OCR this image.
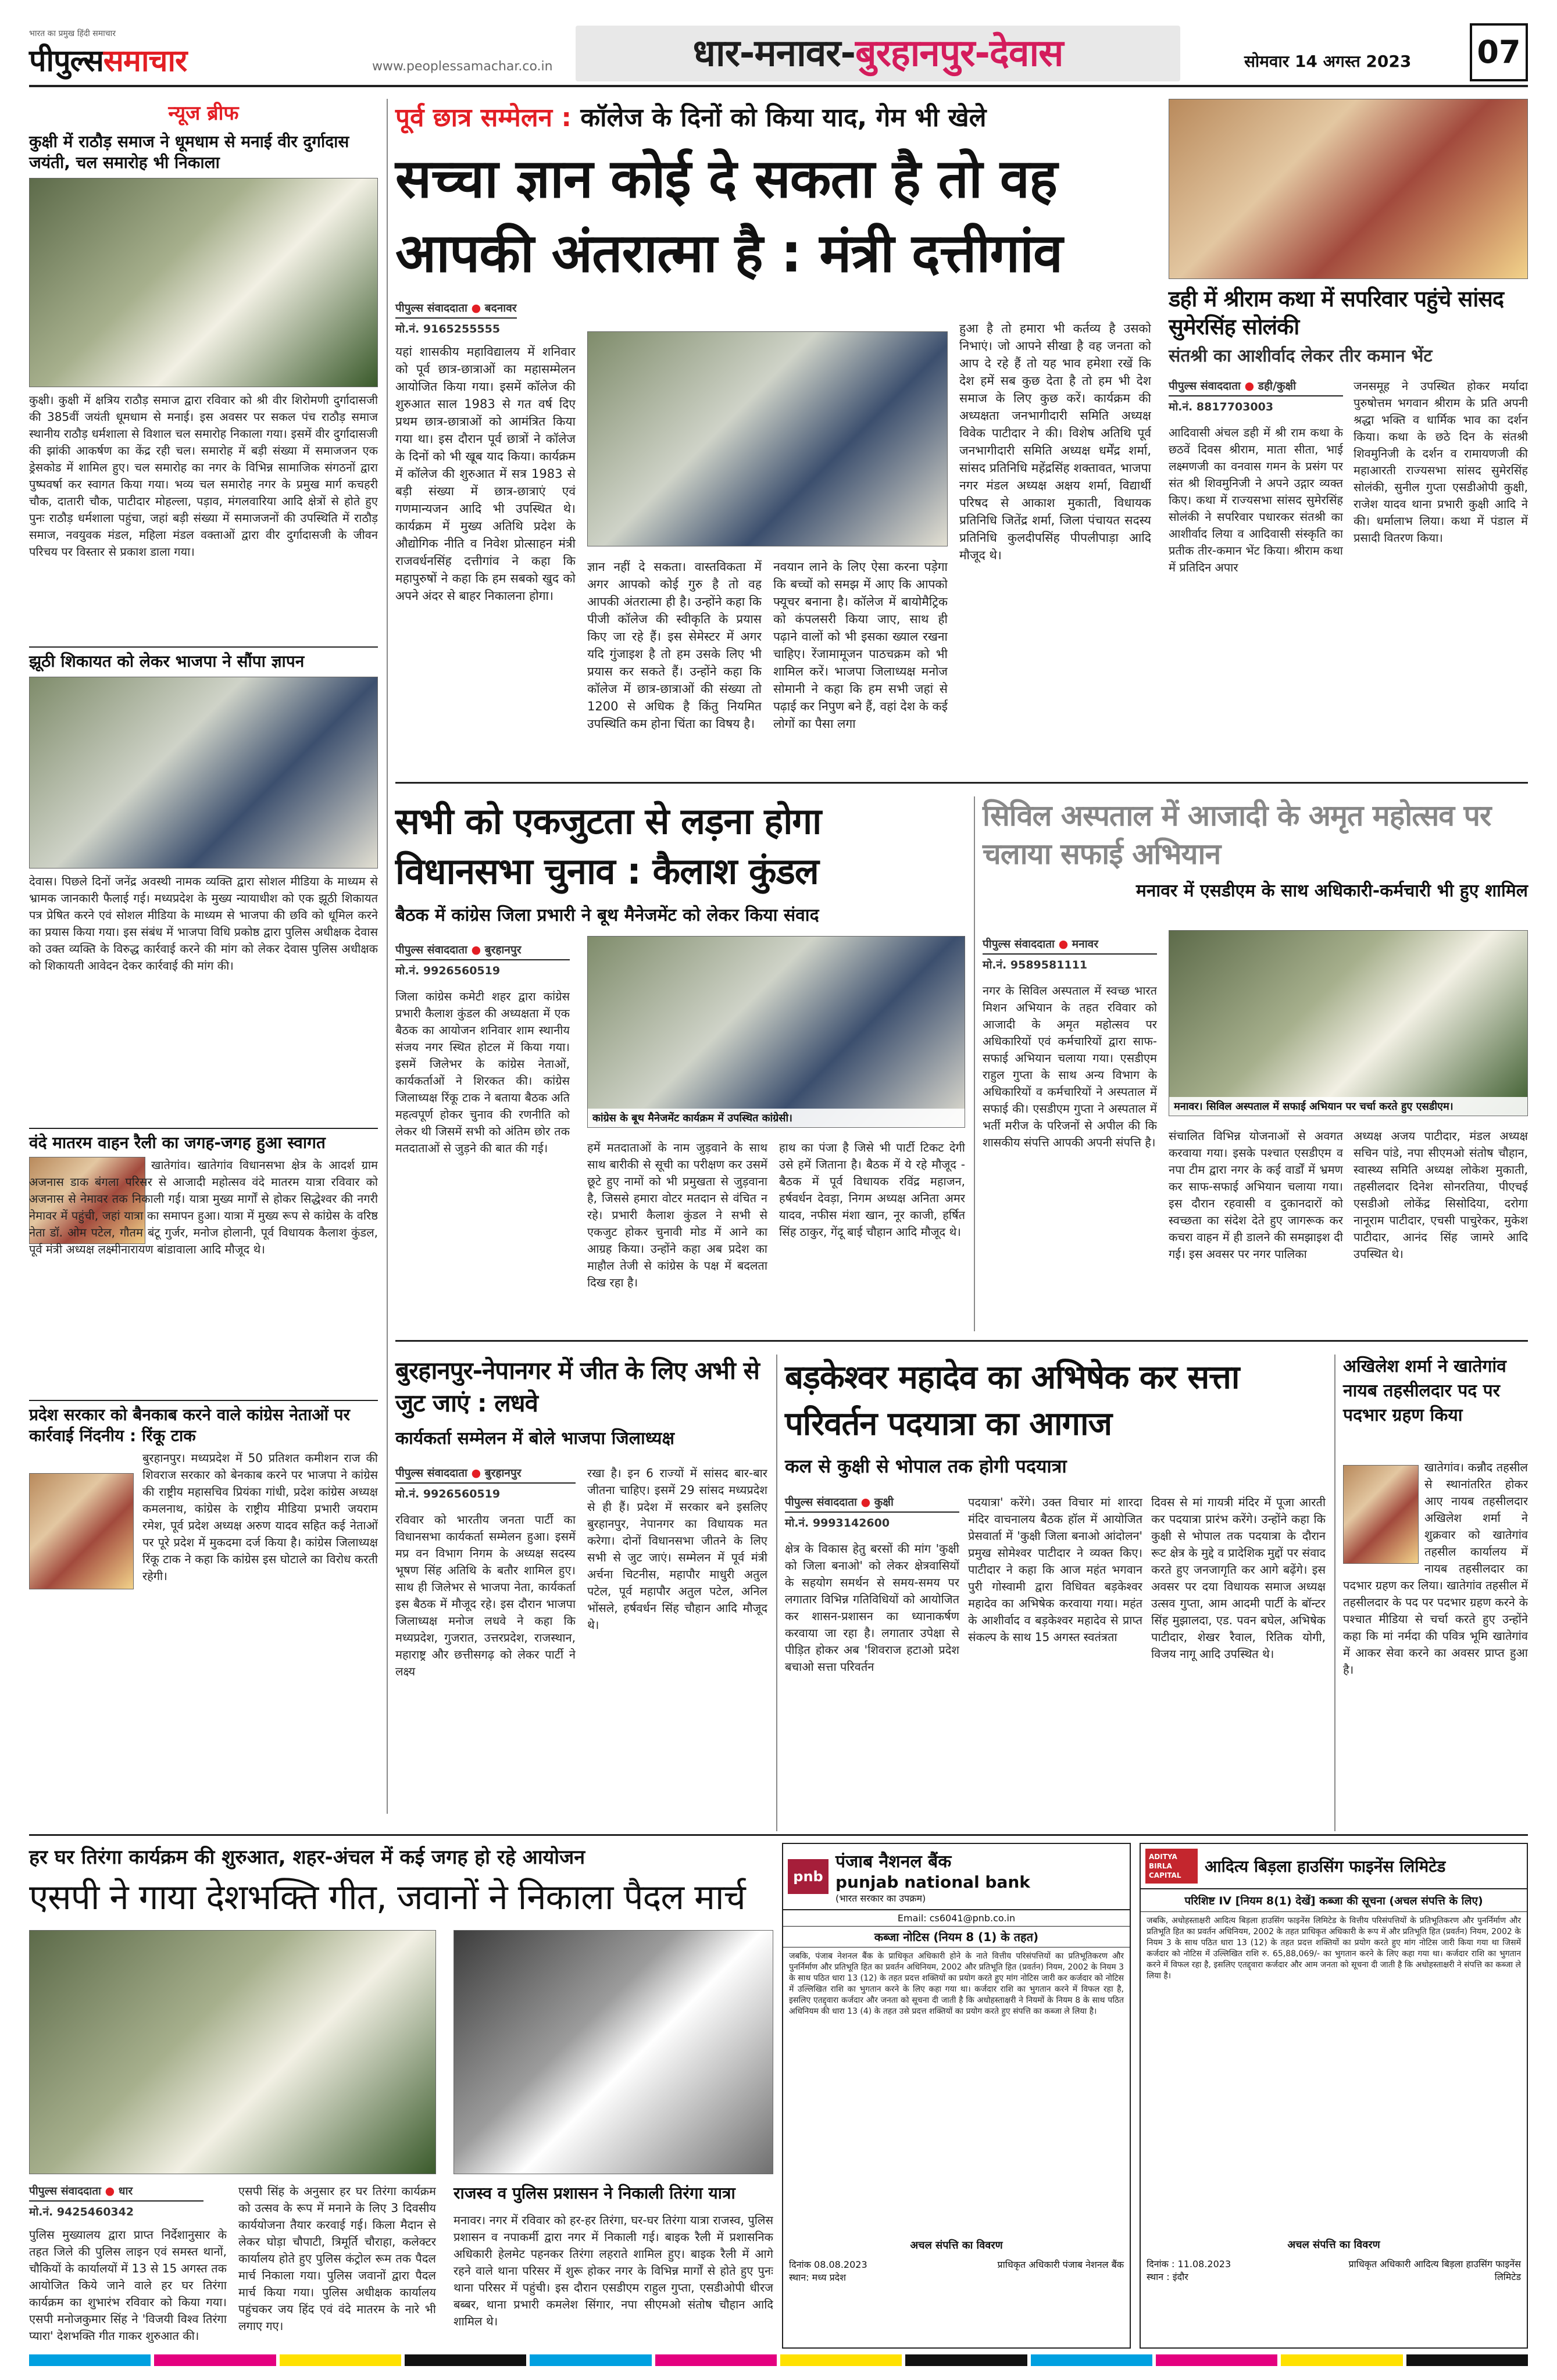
भारत का प्रमुख हिंदी समाचार
पीपुल्ससमाचार	www.peoplessamachar.co.in	धार-मनावर-बुरहानपुर-देवास	सोमवार 14 अगस्त 2023 07
न्यूज ब्रीफ
कुक्षी में राठौड़ समाज ने धूमधाम से मनाई वीर दुर्गादास जयंती, चल समारोह भी निकाला
कुक्षी। कुक्षी में क्षत्रिय राठौड़ समाज द्वारा रविवार को श्री वीर शिरोमणी दुर्गादासजी की 385वीं जयंती धूमधाम से मनाई। इस अवसर पर सकल पंच राठौड़ समाज स्थानीय राठौड़ धर्मशाला से विशाल चल समारोह निकाला गया। इसमें वीर दुर्गादासजी की झांकी आकर्षण का केंद्र रही चल। समारोह में बड़ी संख्या में समाजजन एक ड्रेसकोड में शामिल हुए। चल समारोह का नगर के विभिन्न सामाजिक संगठनों द्वारा पुष्पवर्षा कर स्वागत किया गया। भव्य चल समारोह नगर के प्रमुख मार्ग कचहरी चौक, दातारी चौक, पाटीदार मोहल्ला, पड़ाव, मंगलवारिया आदि क्षेत्रों से होते हुए पुनः राठौड़ धर्मशाला पहुंचा, जहां बड़ी संख्या में समाजजनों की उपस्थिति में राठौड़ समाज, नवयुवक मंडल, महिला मंडल वक्ताओं द्वारा वीर दुर्गादासजी के जीवन परिचय पर विस्तार से प्रकाश डाला गया।
झूठी शिकायत को लेकर भाजपा ने सौंपा ज्ञापन
देवास। पिछले दिनों जनेंद्र अवस्थी नामक व्यक्ति द्वारा सोशल मीडिया के माध्यम से भ्रामक जानकारी फैलाई गई। मध्यप्रदेश के मुख्य न्यायाधीश को एक झूठी शिकायत पत्र प्रेषित करने एवं सोशल मीडिया के माध्यम से भाजपा की छवि को धूमिल करने का प्रयास किया गया। इस संबंध में भाजपा विधि प्रकोष्ठ द्वारा पुलिस अधीक्षक देवास को उक्त व्यक्ति के विरुद्ध कार्रवाई करने की मांग को लेकर देवास पुलिस अधीक्षक को शिकायती आवेदन देकर कार्रवाई की मांग की।
वंदे मातरम वाहन रैली का जगह-जगह हुआ स्वागत
खातेगांव। खातेगांव विधानसभा क्षेत्र के आदर्श ग्राम अजनास डाक बंगला परिसर से आजादी महोत्सव वंदे मातरम यात्रा रविवार को अजनास से नेमावर तक निकाली गई। यात्रा मुख्य मार्गों से होकर सिद्धेश्वर की नगरी नेमावर में पहुंची, जहां यात्रा का समापन हुआ। यात्रा में मुख्य रूप से कांग्रेस के वरिष्ठ नेता डॉ. ओम पटेल, गौतम बंटू गुर्जर, मनोज होलानी, पूर्व विधायक कैलाश कुंडल, पूर्व मंत्री अध्यक्ष लक्ष्मीनारायण बांडावाला आदि मौजूद थे।
प्रदेश सरकार को बैनकाब करने वाले कांग्रेस नेताओं पर कार्रवाई निंदनीय : रिंकू टाक
बुरहानपुर। मध्यप्रदेश में 50 प्रतिशत कमीशन राज की शिवराज सरकार को बेनकाब करने पर भाजपा ने कांग्रेस की राष्ट्रीय महासचिव प्रियंका गांधी, प्रदेश कांग्रेस अध्यक्ष कमलनाथ, कांग्रेस के राष्ट्रीय मीडिया प्रभारी जयराम रमेश, पूर्व प्रदेश अध्यक्ष अरुण यादव सहित कई नेताओं पर पूरे प्रदेश में मुकदमा दर्ज किया है। कांग्रेस जिलाध्यक्ष रिंकू टाक ने कहा कि कांग्रेस इस घोटाले का विरोध करती रहेगी।
पूर्व छात्र सम्मेलन : कॉलेज के दिनों को किया याद, गेम भी खेले
सच्चा ज्ञान कोई दे सकता है तो वह आपकी अंतरात्मा है : मंत्री दत्तीगांव
पीपुल्स संवाददाता ● बदनावर
मो.नं. 9165255555
यहां शासकीय महाविद्यालय में शनिवार को पूर्व छात्र-छात्राओं का महासम्मेलन आयोजित किया गया। इसमें कॉलेज की शुरुआत साल 1983 से गत वर्ष दिए प्रथम छात्र-छात्राओं को आमंत्रित किया गया था। इस दौरान पूर्व छात्रों ने कॉलेज के दिनों को भी खूब याद किया। कार्यक्रम में कॉलेज की शुरुआत में सत्र 1983 से बड़ी संख्या में छात्र-छात्राएं एवं गणमान्यजन आदि भी उपस्थित थे। कार्यक्रम में मुख्य अतिथि प्रदेश के औद्योगिक नीति व निवेश प्रोत्साहन मंत्री राजवर्धनसिंह दत्तीगांव ने कहा कि महापुरुषों ने कहा कि हम सबको खुद को अपने अंदर से बाहर निकालना होगा।
ज्ञान नहीं दे सकता। वास्तविकता में अगर आपको कोई गुरु है तो वह आपकी अंतरात्मा ही है। उन्होंने कहा कि पीजी कॉलेज की स्वीकृति के प्रयास किए जा रहे हैं। इस सेमेस्टर में अगर यदि गुंजाइश है तो हम उसके लिए भी प्रयास कर सकते हैं। उन्होंने कहा कि कॉलेज में छात्र-छात्राओं की संख्या तो 1200 से अधिक है किंतु नियमित उपस्थिति कम होना चिंता का विषय है।
नवयान लाने के लिए ऐसा करना पड़ेगा कि बच्चों को समझ में आए कि आपको फ्यूचर बनाना है। कॉलेज में बायोमैट्रिक को कंपलसरी किया जाए, साथ ही पढ़ाने वालों को भी इसका ख्याल रखना चाहिए। रेंजामामूजन पाठचक्रम को भी शामिल करें। भाजपा जिलाध्यक्ष मनोज सोमानी ने कहा कि हम सभी जहां से पढ़ाई कर निपुण बने हैं, वहां देश के कई लोगों का पैसा लगा
हुआ है तो हमारा भी कर्तव्य है उसको निभाएं। जो आपने सीखा है वह जनता को आप दे रहे हैं तो यह भाव हमेशा रखें कि देश हमें सब कुछ देता है तो हम भी देश समाज के लिए कुछ करें। कार्यक्रम की अध्यक्षता जनभागीदारी समिति अध्यक्ष विवेक पाटीदार ने की। विशेष अतिथि पूर्व जनभागीदारी समिति अध्यक्ष धर्मेंद्र शर्मा, सांसद प्रतिनिधि महेंद्रसिंह शक्तावत, भाजपा नगर मंडल अध्यक्ष अक्षय शर्मा, विद्यार्थी परिषद से आकाश मुकाती, विधायक प्रतिनिधि जितेंद्र शर्मा, जिला पंचायत सदस्य प्रतिनिधि कुलदीपसिंह पीपलीपाड़ा आदि मौजूद थे।
डही में श्रीराम कथा में सपरिवार पहुंचे सांसद सुमेरसिंह सोलंकी
संतश्री का आशीर्वाद लेकर तीर कमान भेंट
पीपुल्स संवाददाता ● डही/कुक्षी
मो.नं. 8817703003
आदिवासी अंचल डही में श्री राम कथा के छठवें दिवस श्रीराम, माता सीता, भाई लक्ष्मणजी का वनवास गमन के प्रसंग पर संत श्री शिवमुनिजी ने अपने उद्गार व्यक्त किए। कथा में राज्यसभा सांसद सुमेरसिंह सोलंकी ने सपरिवार पधारकर संतश्री का आशीर्वाद लिया व आदिवासी संस्कृति का प्रतीक तीर-कमान भेंट किया। श्रीराम कथा में प्रतिदिन अपार
जनसमूह ने उपस्थित होकर मर्यादा पुरुषोत्तम भगवान श्रीराम के प्रति अपनी श्रद्धा भक्ति व धार्मिक भाव का दर्शन किया। कथा के छठे दिन के संतश्री शिवमुनिजी के दर्शन व रामायणजी की महाआरती राज्यसभा सांसद सुमेरसिंह सोलंकी, सुनील गुप्ता एसडीओपी कुक्षी, राजेश यादव थाना प्रभारी कुक्षी आदि ने की। धर्मालाभ लिया। कथा में पंडाल में प्रसादी वितरण किया।
सभी को एकजुटता से लड़ना होगा विधानसभा चुनाव : कैलाश कुंडल
बैठक में कांग्रेस जिला प्रभारी ने बूथ मैनेजमेंट को लेकर किया संवाद
पीपुल्स संवाददाता ● बुरहानपुर
मो.नं. 9926560519
जिला कांग्रेस कमेटी शहर द्वारा कांग्रेस प्रभारी कैलाश कुंडल की अध्यक्षता में एक बैठक का आयोजन शनिवार शाम स्थानीय संजय नगर स्थित होटल में किया गया। इसमें जिलेभर के कांग्रेस नेताओं, कार्यकर्ताओं ने शिरकत की। कांग्रेस जिलाध्यक्ष रिंकू टाक ने बताया बैठक अति महत्वपूर्ण होकर चुनाव की रणनीति को लेकर थी जिसमें सभी को अंतिम छोर तक मतदाताओं से जुड़ने की बात की गई।
कांग्रेस के बूथ मैनेजमेंट कार्यक्रम में उपस्थित कांग्रेसी।
हमें मतदाताओं के नाम जुड़वाने के साथ साथ बारीकी से सूची का परीक्षण कर उसमें छूटे हुए नामों को भी प्रमुखता से जुड़वाना है, जिससे हमारा वोटर मतदान से वंचित न रहे। प्रभारी कैलाश कुंडल ने सभी से एकजुट होकर चुनावी मोड में आने का आग्रह किया। उन्होंने कहा अब प्रदेश का माहौल तेजी से कांग्रेस के पक्ष में बदलता दिख रहा है।
हाथ का पंजा है जिसे भी पार्टी टिकट देगी उसे हमें जिताना है। बैठक में ये रहे मौजूद - बैठक में पूर्व विधायक रविंद्र महाजन, हर्षवर्धन देवड़ा, निगम अध्यक्ष अनिता अमर यादव, नफीस मंशा खान, नूर काजी, हर्षित सिंह ठाकुर, गेंदू बाई चौहान आदि मौजूद थे।
सिविल अस्पताल में आजादी के अमृत महोत्सव पर चलाया सफाई अभियान
मनावर में एसडीएम के साथ अधिकारी-कर्मचारी भी हुए शामिल
पीपुल्स संवाददाता ● मनावर
मो.नं. 9589581111
नगर के सिविल अस्पताल में स्वच्छ भारत मिशन अभियान के तहत रविवार को आजादी के अमृत महोत्सव पर अधिकारियों एवं कर्मचारियों द्वारा साफ-सफाई अभियान चलाया गया। एसडीएम राहुल गुप्ता के साथ अन्य विभाग के अधिकारियों व कर्मचारियों ने अस्पताल में सफाई की। एसडीएम गुप्ता ने अस्पताल में भर्ती मरीज के परिजनों से अपील की कि शासकीय संपत्ति आपकी अपनी संपत्ति है।
मनावर। सिविल अस्पताल में सफाई अभियान पर चर्चा करते हुए एसडीएम।
संचालित विभिन्न योजनाओं से अवगत करवाया गया। इसके पश्चात एसडीएम व नपा टीम द्वारा नगर के कई वार्डों में भ्रमण कर साफ-सफाई अभियान चलाया गया। इस दौरान रहवासी व दुकानदारों को स्वच्छता का संदेश देते हुए जागरूक कर कचरा वाहन में ही डालने की समझाइश दी गई। इस अवसर पर नगर पालिका
अध्यक्ष अजय पाटीदार, मंडल अध्यक्ष सचिन पांडे, नपा सीएमओ संतोष चौहान, स्वास्थ्य समिति अध्यक्ष लोकेश मुकाती, तहसीलदार दिनेश सोनरतिया, पीएचई एसडीओ लोकेंद्र सिसोदिया, दरोगा नानूराम पाटीदार, एचसी पाचुरेकर, मुकेश पाटीदार, आनंद सिंह जामरे आदि उपस्थित थे।
बुरहानपुर-नेपानगर में जीत के लिए अभी से जुट जाएं : लधवे
कार्यकर्ता सम्मेलन में बोले भाजपा जिलाध्यक्ष
पीपुल्स संवाददाता ● बुरहानपुर
मो.नं. 9926560519
रविवार को भारतीय जनता पार्टी का विधानसभा कार्यकर्ता सम्मेलन हुआ। इसमें मप्र वन विभाग निगम के अध्यक्ष सदस्य भूषण सिंह अतिथि के बतौर शामिल हुए। साथ ही जिलेभर से भाजपा नेता, कार्यकर्ता इस बैठक में मौजूद रहे। इस दौरान भाजपा जिलाध्यक्ष मनोज लधवे ने कहा कि मध्यप्रदेश, गुजरात, उत्तरप्रदेश, राजस्थान, महाराष्ट्र और छत्तीसगढ़ को लेकर पार्टी ने लक्ष्य
रखा है। इन 6 राज्यों में सांसद बार-बार जीतना चाहिए। इसमें 29 सांसद मध्यप्रदेश से ही हैं। प्रदेश में सरकार बने इसलिए बुरहानपुर, नेपानगर का विधायक मत करेगा। दोनों विधानसभा जीतने के लिए सभी से जुट जाएं। सम्मेलन में पूर्व मंत्री अर्चना चिटनीस, महापौर माधुरी अतुल पटेल, पूर्व महापौर अतुल पटेल, अनिल भोंसले, हर्षवर्धन सिंह चौहान आदि मौजूद थे।
बड़केश्वर महादेव का अभिषेक कर सत्ता परिवर्तन पदयात्रा का आगाज
कल से कुक्षी से भोपाल तक होगी पदयात्रा
पीपुल्स संवाददाता ● कुक्षी
मो.नं. 9993142600
क्षेत्र के विकास हेतु बरसों की मांग 'कुक्षी को जिला बनाओ' को लेकर क्षेत्रवासियों के सहयोग समर्थन से समय-समय पर लगातार विभिन्न गतिविधियों को आयोजित कर शासन-प्रशासन का ध्यानाकर्षण करवाया जा रहा है। लगातार उपेक्षा से पीड़ित होकर अब 'शिवराज हटाओ प्रदेश बचाओ सत्ता परिवर्तन
पदयात्रा' करेंगे। उक्त विचार मां शारदा मंदिर वाचनालय बैठक हॉल में आयोजित प्रेसवार्ता में 'कुक्षी जिला बनाओ आंदोलन' प्रमुख सोमेश्वर पाटीदार ने व्यक्त किए। पाटीदार ने कहा कि आज महंत भगवान पुरी गोस्वामी द्वारा विधिवत बड़केश्वर महादेव का अभिषेक करवाया गया। महंत के आशीर्वाद व बड़केश्वर महादेव से प्राप्त संकल्प के साथ 15 अगस्त स्वतंत्रता
दिवस से मां गायत्री मंदिर में पूजा आरती कर पदयात्रा प्रारंभ करेंगे। उन्होंने कहा कि कुक्षी से भोपाल तक पदयात्रा के दौरान रूट क्षेत्र के मुद्दे व प्रादेशिक मुद्दों पर संवाद करते हुए जनजागृति कर आगे बढ़ेंगे। इस अवसर पर दया विधायक समाज अध्यक्ष उत्सव गुप्ता, आम आदमी पार्टी के बॉन्टर सिंह मुझालदा, एड. पवन बघेल, अभिषेक पाटीदार, शेखर रैवाल, रितिक योगी, विजय नागू आदि उपस्थित थे।
अखिलेश शर्मा ने खातेगांव नायब तहसीलदार पद पर पदभार ग्रहण किया
खातेगांव। कन्नौद तहसील से स्थानांतरित होकर आए नायब तहसीलदार अखिलेश शर्मा ने शुक्रवार को खातेगांव तहसील कार्यालय में नायब तहसीलदार का पदभार ग्रहण कर लिया। खातेगांव तहसील में तहसीलदार के पद पर पदभार ग्रहण करने के पश्चात मीडिया से चर्चा करते हुए उन्होंने कहा कि मां नर्मदा की पवित्र भूमि खातेगांव में आकर सेवा करने का अवसर प्राप्त हुआ है।
हर घर तिरंगा कार्यक्रम की शुरुआत, शहर-अंचल में कई जगह हो रहे आयोजन
एसपी ने गाया देशभक्ति गीत, जवानों ने निकाला पैदल मार्च
पीपुल्स संवाददाता ● धार
मो.नं. 9425460342
पुलिस मुख्यालय द्वारा प्राप्त निर्देशानुसार के तहत जिले की पुलिस लाइन एवं समस्त थानों, चौकियों के कार्यालयों में 13 से 15 अगस्त तक आयोजित किये जाने वाले हर घर तिरंगा कार्यक्रम का शुभारंभ रविवार को किया गया। एसपी मनोजकुमार सिंह ने 'विजयी विश्व तिरंगा प्यारा' देशभक्ति गीत गाकर शुरुआत की।
एसपी सिंह के अनुसार हर घर तिरंगा कार्यक्रम को उत्सव के रूप में मनाने के लिए 3 दिवसीय कार्ययोजना तैयार करवाई गई। किला मैदान से लेकर घोड़ा चौपाटी, त्रिमूर्ति चौराहा, कलेक्टर कार्यालय होते हुए पुलिस कंट्रोल रूम तक पैदल मार्च निकाला गया। पुलिस जवानों द्वारा पैदल मार्च किया गया। पुलिस अधीक्षक कार्यालय पहुंचकर जय हिंद एवं वंदे मातरम के नारे भी लगाए गए।
राजस्व व पुलिस प्रशासन ने निकाली तिरंगा यात्रा
मनावर। नगर में रविवार को हर-हर तिरंगा, घर-घर तिरंगा यात्रा राजस्व, पुलिस प्रशासन व नपाकर्मी द्वारा नगर में निकाली गई। बाइक रैली में प्रशासनिक अधिकारी हेलमेट पहनकर तिरंगा लहराते शामिल हुए। बाइक रैली में आगे रहने वाले थाना परिसर में शुरू होकर नगर के विभिन्न मार्गों से होते हुए पुनः थाना परिसर में पहुंची। इस दौरान एसडीएम राहुल गुप्ता, एसडीओपी धीरज बब्बर, थाना प्रभारी कमलेश सिंगार, नपा सीएमओ संतोष चौहान आदि शामिल थे।
pnb
पंजाब नैशनल बैंक
punjab national bank
(भारत सरकार का उपक्रम)
Email: cs6041@pnb.co.in
कब्जा नोटिस (नियम 8 (1) के तहत)
जबकि, पंजाब नेशनल बैंक के प्राधिकृत अधिकारी होने के नाते वित्तीय परिसंपत्तियों का प्रतिभूतिकरण और पुनर्निर्माण और प्रतिभूति हित का प्रवर्तन अधिनियम, 2002 और प्रतिभूति हित (प्रवर्तन) नियम, 2002 के नियम 3 के साथ पठित धारा 13 (12) के तहत प्रदत्त शक्तियों का प्रयोग करते हुए मांग नोटिस जारी कर कर्जदार को नोटिस में उल्लिखित राशि का भुगतान करने के लिए कहा गया था। कर्जदार राशि का भुगतान करने में विफल रहा है, इसलिए एतद्द्वारा कर्जदार और जनता को सूचना दी जाती है कि अधोहस्ताक्षरी ने नियमों के नियम 8 के साथ पठित अधिनियम की धारा 13 (4) के तहत उसे प्रदत्त शक्तियों का प्रयोग करते हुए संपत्ति का कब्जा ले लिया है।
अचल संपत्ति का विवरण
दिनांक 08.08.2023
स्थान: मध्य प्रदेश
प्राधिकृत अधिकारी पंजाब नेशनल बैंक
ADITYA BIRLA CAPITAL	आदित्य बिड़ला हाउसिंग फाइनेंस लिमिटेड
परिशिष्ट IV [नियम 8(1) देखें] कब्जा की सूचना (अचल संपत्ति के लिए)
जबकि, अधोहस्ताक्षरी आदित्य बिड़ला हाउसिंग फाइनेंस लिमिटेड के वित्तीय परिसंपत्तियों के प्रतिभूतिकरण और पुनर्निर्माण और प्रतिभूति हित का प्रवर्तन अधिनियम, 2002 के तहत प्राधिकृत अधिकारी के रूप में और प्रतिभूति हित (प्रवर्तन) नियम, 2002 के नियम 3 के साथ पठित धारा 13 (12) के तहत प्रदत्त शक्तियों का प्रयोग करते हुए मांग नोटिस जारी किया गया था जिसमें कर्जदार को नोटिस में उल्लिखित राशि रु. 65,88,069/- का भुगतान करने के लिए कहा गया था। कर्जदार राशि का भुगतान करने में विफल रहा है, इसलिए एतद्द्वारा कर्जदार और आम जनता को सूचना दी जाती है कि अधोहस्ताक्षरी ने संपत्ति का कब्जा ले लिया है।
अचल संपत्ति का विवरण
दिनांक : 11.08.2023
स्थान : इंदौर
प्राधिकृत अधिकारी आदित्य बिड़ला हाउसिंग फाइनेंस लिमिटेड
